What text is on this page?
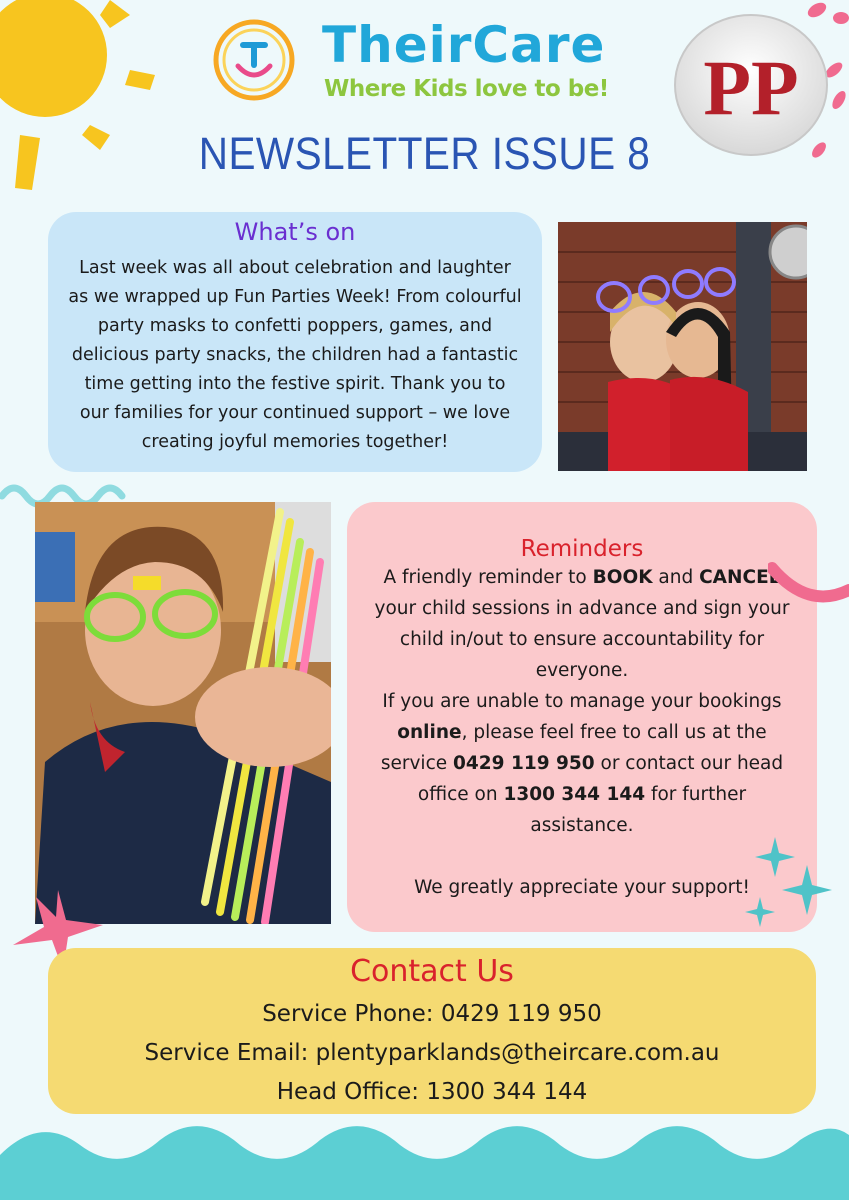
TheirCare
Where Kids love to be! PP
NEWSLETTER ISSUE 8

What’s on

Last week was all about celebration and laughter as we wrapped up Fun Parties Week! From colourful party masks to confetti poppers, games, and delicious party snacks, the children had a fantastic time getting into the festive spirit. Thank you to our families for your continued support – we love creating joyful memories together!

Reminders

A friendly reminder to BOOK and CANCEL your child sessions in advance and sign your child in/out to ensure accountability for everyone.

If you are unable to manage your bookings online, please feel free to call us at the service 0429 119 950 or contact our head office on 1300 344 144 for further assistance.

We greatly appreciate your support!

Contact Us

Service Phone: 0429 119 950
Service Email: plentyparklands@theircare.com.au
Head Office: 1300 344 144
